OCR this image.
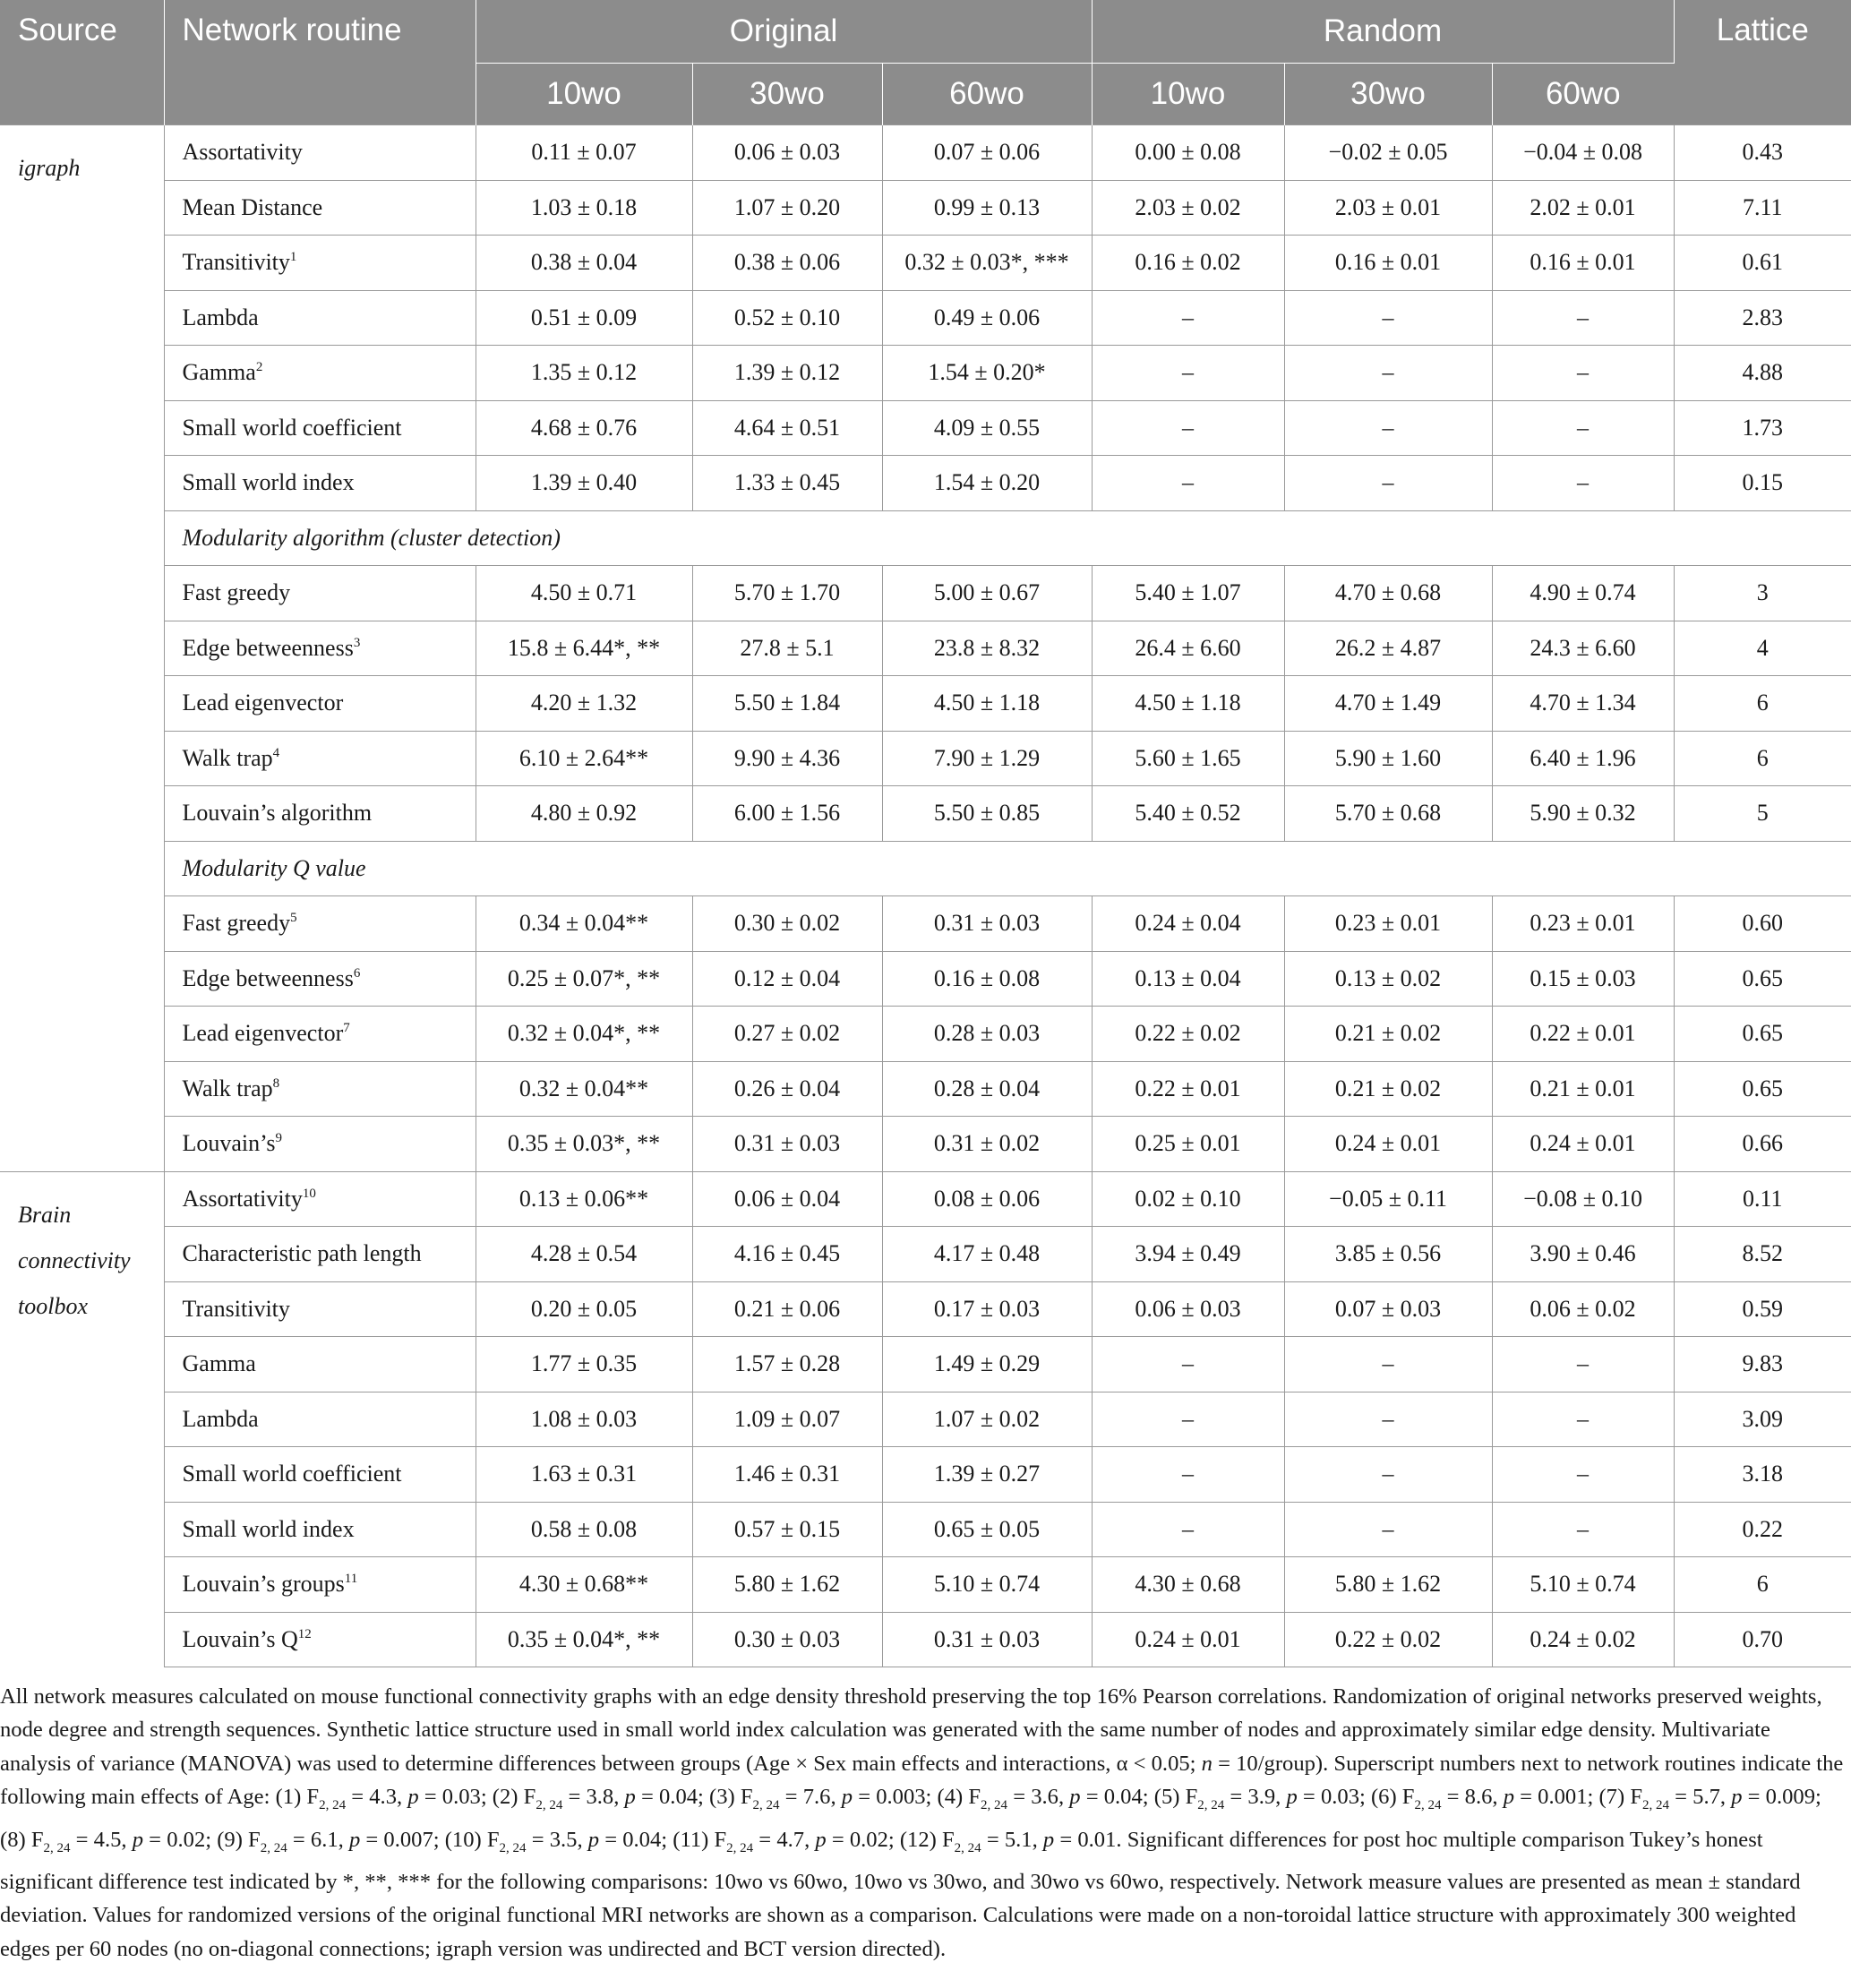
Source	Network routine	Original			Random			Lattice
		10wo	30wo	60wo	10wo	30wo	60wo	
igraph	Assortativity	0.11 ± 0.07	0.06 ± 0.03	0.07 ± 0.06	0.00 ± 0.08	−0.02 ± 0.05	−0.04 ± 0.08	0.43
	Mean Distance	1.03 ± 0.18	1.07 ± 0.20	0.99 ± 0.13	2.03 ± 0.02	2.03 ± 0.01	2.02 ± 0.01	7.11
	Transitivity$^1$	0.38 ± 0.04	0.38 ± 0.06	0.32 ± 0.03*, ***	0.16 ± 0.02	0.16 ± 0.01	0.16 ± 0.01	0.61
	Lambda	0.51 ± 0.09	0.52 ± 0.10	0.49 ± 0.06	–	–	–	2.83
	Gamma$^2$	1.35 ± 0.12	1.39 ± 0.12	1.54 ± 0.20*	–	–	–	4.88
	Small world coefficient	4.68 ± 0.76	4.64 ± 0.51	4.09 ± 0.55	–	–	–	1.73
	Small world index	1.39 ± 0.40	1.33 ± 0.45	1.54 ± 0.20	–	–	–	0.15
	Modularity algorithm (cluster detection)							
	Fast greedy	4.50 ± 0.71	5.70 ± 1.70	5.00 ± 0.67	5.40 ± 1.07	4.70 ± 0.68	4.90 ± 0.74	3
	Edge betweenness$^3$	15.8 ± 6.44*, **	27.8 ± 5.1	23.8 ± 8.32	26.4 ± 6.60	26.2 ± 4.87	24.3 ± 6.60	4
	Lead eigenvector	4.20 ± 1.32	5.50 ± 1.84	4.50 ± 1.18	4.50 ± 1.18	4.70 ± 1.49	4.70 ± 1.34	6
	Walk trap$^4$	6.10 ± 2.64**	9.90 ± 4.36	7.90 ± 1.29	5.60 ± 1.65	5.90 ± 1.60	6.40 ± 1.96	6
	Louvain’s algorithm	4.80 ± 0.92	6.00 ± 1.56	5.50 ± 0.85	5.40 ± 0.52	5.70 ± 0.68	5.90 ± 0.32	5
	Modularity Q value							
	Fast greedy$^5$	0.34 ± 0.04**	0.30 ± 0.02	0.31 ± 0.03	0.24 ± 0.04	0.23 ± 0.01	0.23 ± 0.01	0.60
	Edge betweenness$^6$	0.25 ± 0.07*, **	0.12 ± 0.04	0.16 ± 0.08	0.13 ± 0.04	0.13 ± 0.02	0.15 ± 0.03	0.65
	Lead eigenvector$^7$	0.32 ± 0.04*, **	0.27 ± 0.02	0.28 ± 0.03	0.22 ± 0.02	0.21 ± 0.02	0.22 ± 0.01	0.65
	Walk trap$^8$	0.32 ± 0.04**	0.26 ± 0.04	0.28 ± 0.04	0.22 ± 0.01	0.21 ± 0.02	0.21 ± 0.01	0.65
	$Louvain’s^9$	0.35 ± 0.03*, **	0.31 ± 0.03	0.31 ± 0.02	0.25 ± 0.01	0.24 ± 0.01	0.24 ± 0.01	0.66
Brain
connectivity
toolbox	Assortativity$^{10}$	0.13 ± 0.06**	0.06 ± 0.04	0.08 ± 0.06	0.02 ± 0.10	−0.05 ± 0.11	−0.08 ± 0.10	0.11
	Characteristic path length	4.28 ± 0.54	4.16 ± 0.45	4.17 ± 0.48	3.94 ± 0.49	3.85 ± 0.56	3.90 ± 0.46	8.52
	Transitivity	0.20 ± 0.05	0.21 ± 0.06	0.17 ± 0.03	0.06 ± 0.03	0.07 ± 0.03	0.06 ± 0.02	0.59
	Gamma	1.77 ± 0.35	1.57 ± 0.28	1.49 ± 0.29	–	–	–	9.83
	Lambda	1.08 ± 0.03	1.09 ± 0.07	1.07 ± 0.02	–	–	–	3.09
	Small world coefficient	1.63 ± 0.31	1.46 ± 0.31	1.39 ± 0.27	–	–	–	3.18
	Small world index	0.58 ± 0.08	0.57 ± 0.15	0.65 ± 0.05	–	–	–	0.22
	Louvain’s groups$^{11}$	4.30 ± 0.68**	5.80 ± 1.62	5.10 ± 0.74	4.30 ± 0.68	5.80 ± 1.62	5.10 ± 0.74	6
	Louvain’s $Q^{12}$	0.35 ± 0.04*, **	0.30 ± 0.03	0.31 ± 0.03	0.24 ± 0.01	0.22 ± 0.02	0.24 ± 0.02	0.70

All network measures calculated on mouse functional connectivity graphs with an edge density threshold preserving the top 16% Pearson correlations. Randomization of original networks preserved weights, node degree and strength sequences. Synthetic lattice structure used in small world index calculation was generated with the same number of nodes and approximately similar edge density. Multivariate analysis of variance (MANOVA) was used to determine differences between groups (Age × Sex main effects and interactions, α < 0.05; n = 10/group). Superscript numbers next to network routines indicate the following main effects of Age: (1) $F_{2, 24} = 4.3$, p = 0.03; (2) $F_{2, 24} = 3.8$, p = 0.04; (3) $F_{2, 24} = 7.6$, p = 0.003; (4) $F_{2, 24} = 3.6$, p = 0.04; (5) $F_{2, 24} = 3.9$, p = 0.03; (6) $F_{2, 24} = 8.6$, p = 0.001; (7) $F_{2, 24} = 5.7$, p = 0.009; (8) $F_{2, 24} = 4.5$, p = 0.02; (9) $F_{2, 24} = 6.1$, p = 0.007; (10) $F_{2, 24} = 3.5$, p = 0.04; (11) $F_{2, 24} = 4.7$, p = 0.02; (12) $F_{2, 24} = 5.1$, p = 0.01. Significant differences for post hoc multiple comparison Tukey’s honest significant difference test indicated by *, **, *** for the following comparisons: 10wo vs 60wo, 10wo vs 30wo, and 30wo vs 60wo, respectively. Network measure values are presented as mean ± standard deviation. Values for randomized versions of the original functional MRI networks are shown as a comparison. Calculations were made on a non-toroidal lattice structure with approximately 300 weighted edges per 60 nodes (no on-diagonal connections; igraph version was undirected and BCT version directed).
